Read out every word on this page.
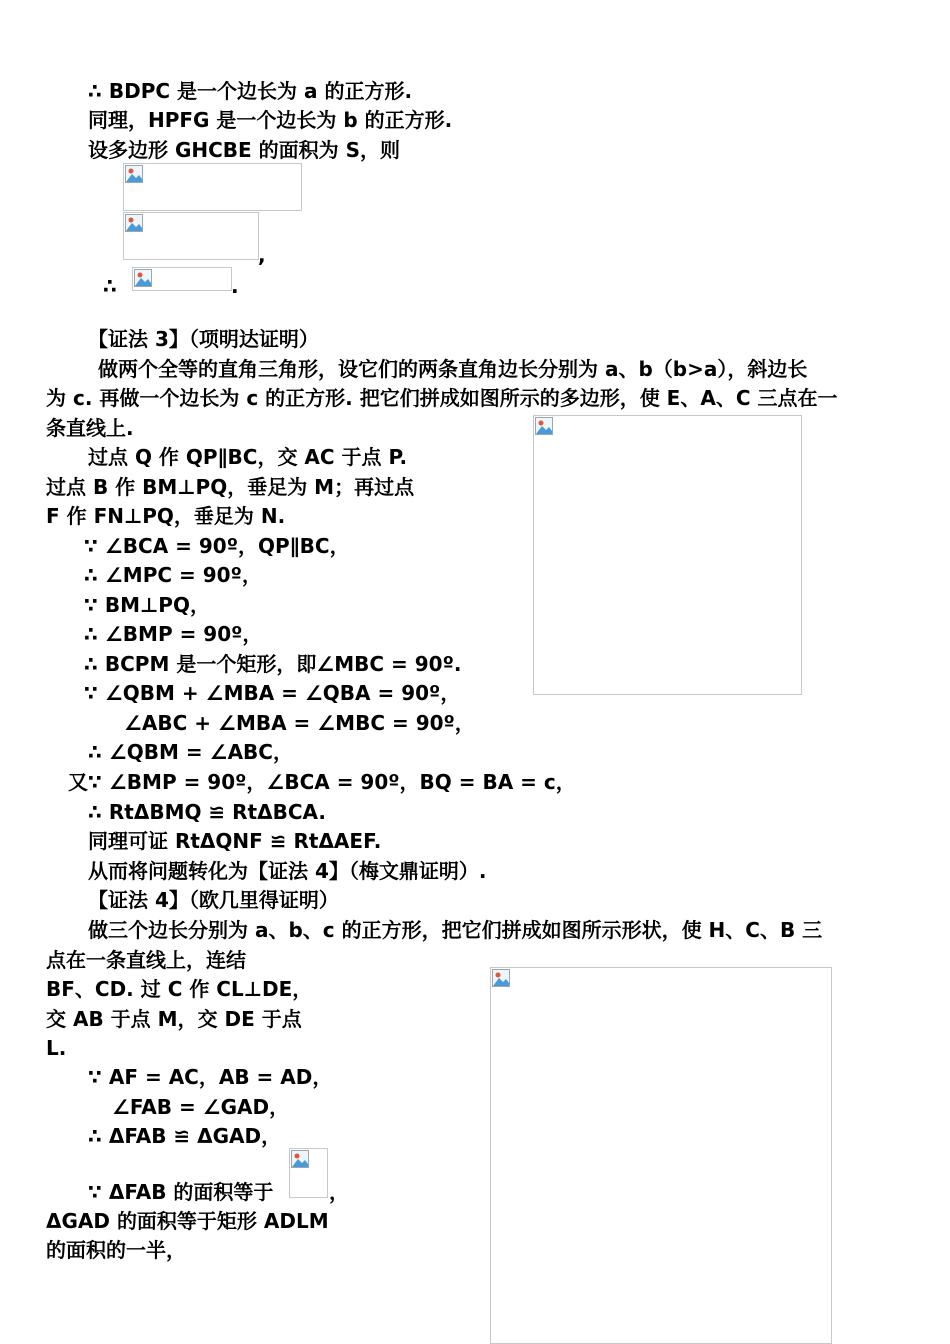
∴ BDPC 是一个边长为 a 的正方形.
同理，HPFG 是一个边长为 b 的正方形.
设多边形 GHCBE 的面积为 S，则
,
∴	.
【证法 3】（项明达证明）
做两个全等的直角三角形，设它们的两条直角边长分别为 a、b（b>a），斜边长
为 c. 再做一个边长为 c 的正方形. 把它们拼成如图所示的多边形，使 E、A、C 三点在一
条直线上.
过点 Q 作 QP∥BC，交 AC 于点 P.
过点 B 作 BM⊥PQ，垂足为 M；再过点
F 作 FN⊥PQ，垂足为 N.
∵ ∠BCA = 90º，QP∥BC，
∴ ∠MPC = 90º，
∵ BM⊥PQ，
∴ ∠BMP = 90º，
∴ BCPM 是一个矩形，即∠MBC = 90º.
∵ ∠QBM + ∠MBA = ∠QBA = 90º，
∠ABC + ∠MBA = ∠MBC = 90º，
∴ ∠QBM = ∠ABC，
又∵ ∠BMP = 90º，∠BCA = 90º，BQ = BA = c，
∴ RtΔBMQ ≌ RtΔBCA.
同理可证 RtΔQNF ≌ RtΔAEF.
从而将问题转化为【证法 4】（梅文鼎证明）.
【证法 4】（欧几里得证明）
做三个边长分别为 a、b、c 的正方形，把它们拼成如图所示形状，使 H、C、B 三
点在一条直线上，连结
BF、CD. 过 C 作 CL⊥DE，
交 AB 于点 M，交 DE 于点
L.
∵ AF = AC，AB = AD，
∠FAB = ∠GAD，
∴ ΔFAB ≌ ΔGAD，
∵ ΔFAB 的面积等于	，
ΔGAD 的面积等于矩形 ADLM
的面积的一半，
